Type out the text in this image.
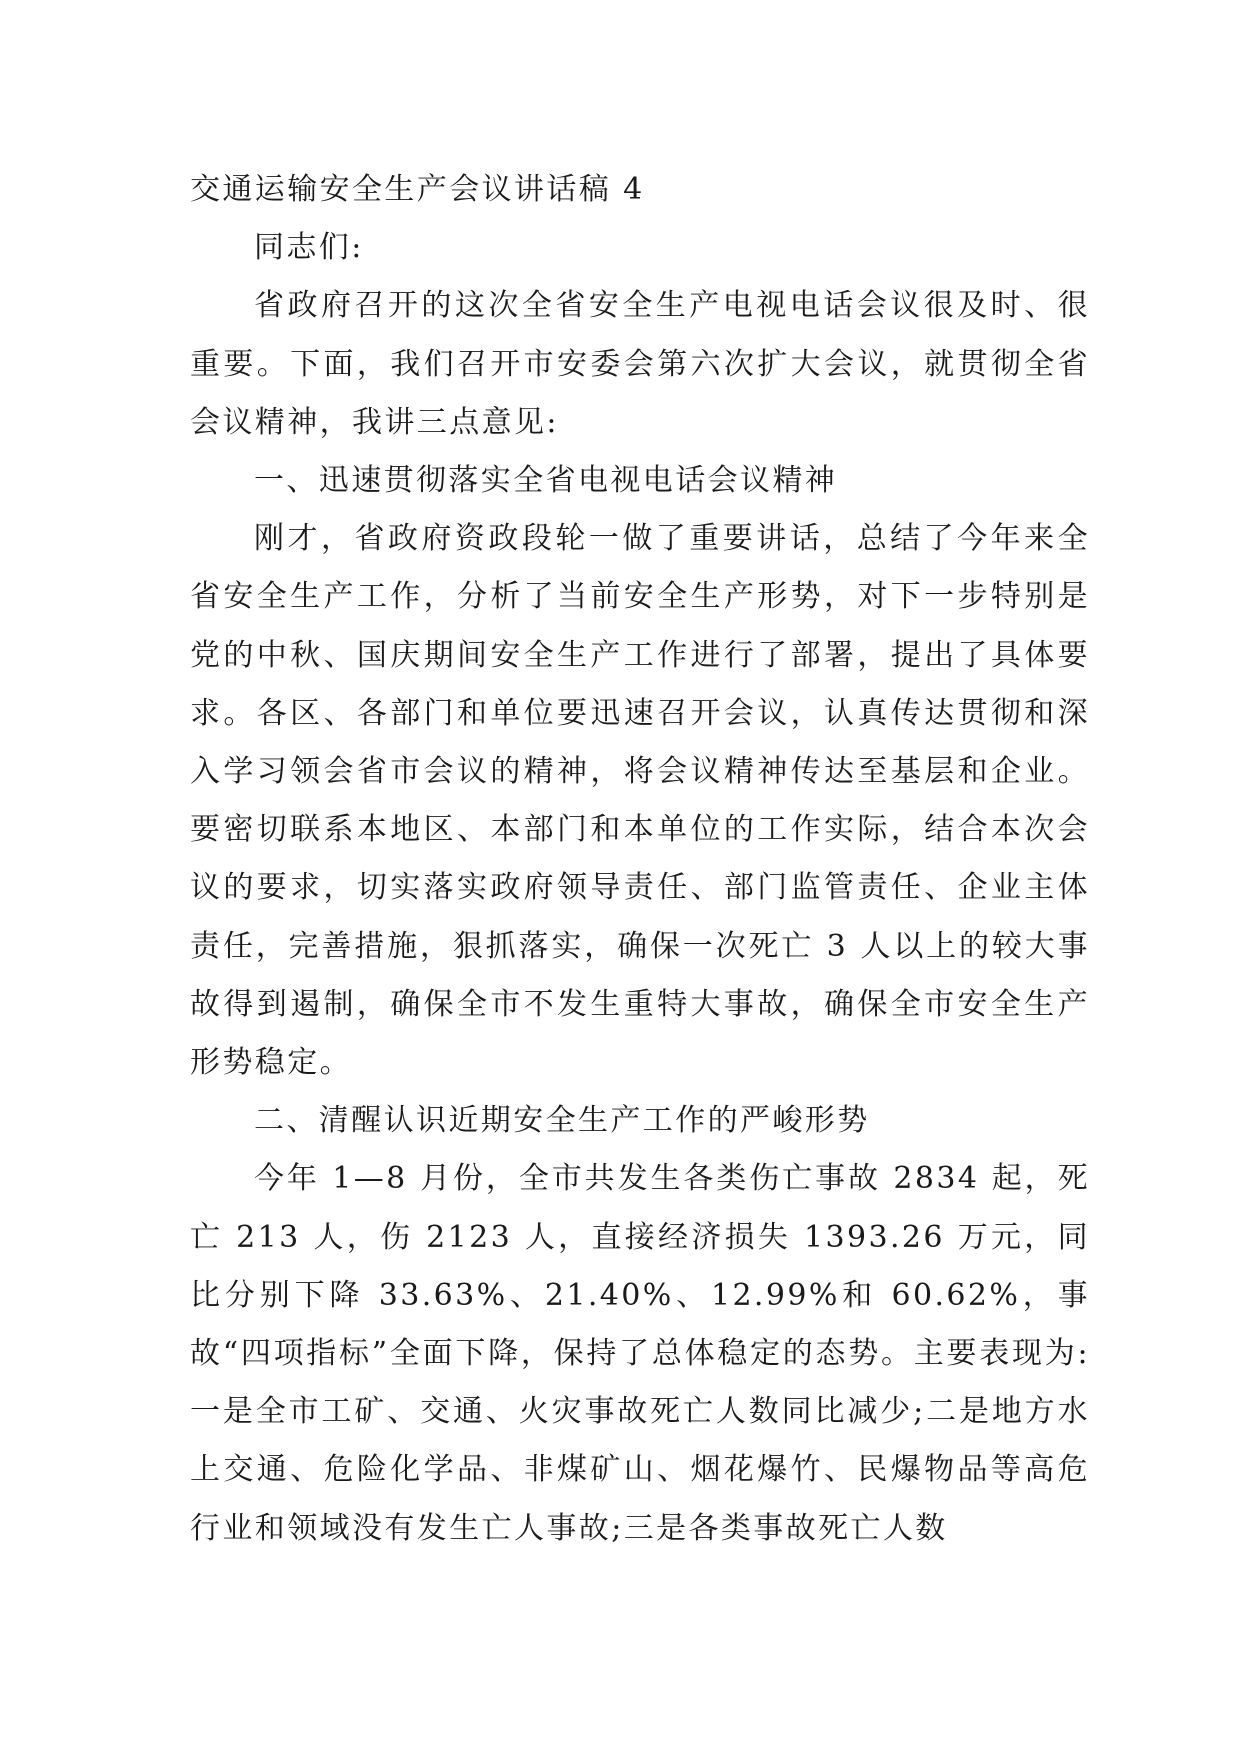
交通运输安全生产会议讲话稿 4

同志们:

省政府召开的这次全省安全生产电视电话会议很及时、很重要。下面，我们召开市安委会第六次扩大会议，就贯彻全省会议精神，我讲三点意见:

一、迅速贯彻落实全省电视电话会议精神

刚才，省政府资政段轮一做了重要讲话，总结了今年来全省安全生产工作，分析了当前安全生产形势，对下一步特别是党的中秋、国庆期间安全生产工作进行了部署，提出了具体要求。各区、各部门和单位要迅速召开会议，认真传达贯彻和深入学习领会省市会议的精神，将会议精神传达至基层和企业。要密切联系本地区、本部门和本单位的工作实际，结合本次会议的要求，切实落实政府领导责任、部门监管责任、企业主体责任，完善措施，狠抓落实，确保一次死亡 3 人以上的较大事故得到遏制，确保全市不发生重特大事故，确保全市安全生产形势稳定。

二、清醒认识近期安全生产工作的严峻形势

今年 1—8 月份，全市共发生各类伤亡事故 2834 起，死亡 213 人，伤 2123 人，直接经济损失 1393.26 万元，同比分别下降 33.63%、21.40%、12.99%和 60.62%，事故“四项指标”全面下降，保持了总体稳定的态势。主要表现为:一是全市工矿、交通、火灾事故死亡人数同比减少;二是地方水上交通、危险化学品、非煤矿山、烟花爆竹、民爆物品等高危行业和领域没有发生亡人事故;三是各类事故死亡人数
